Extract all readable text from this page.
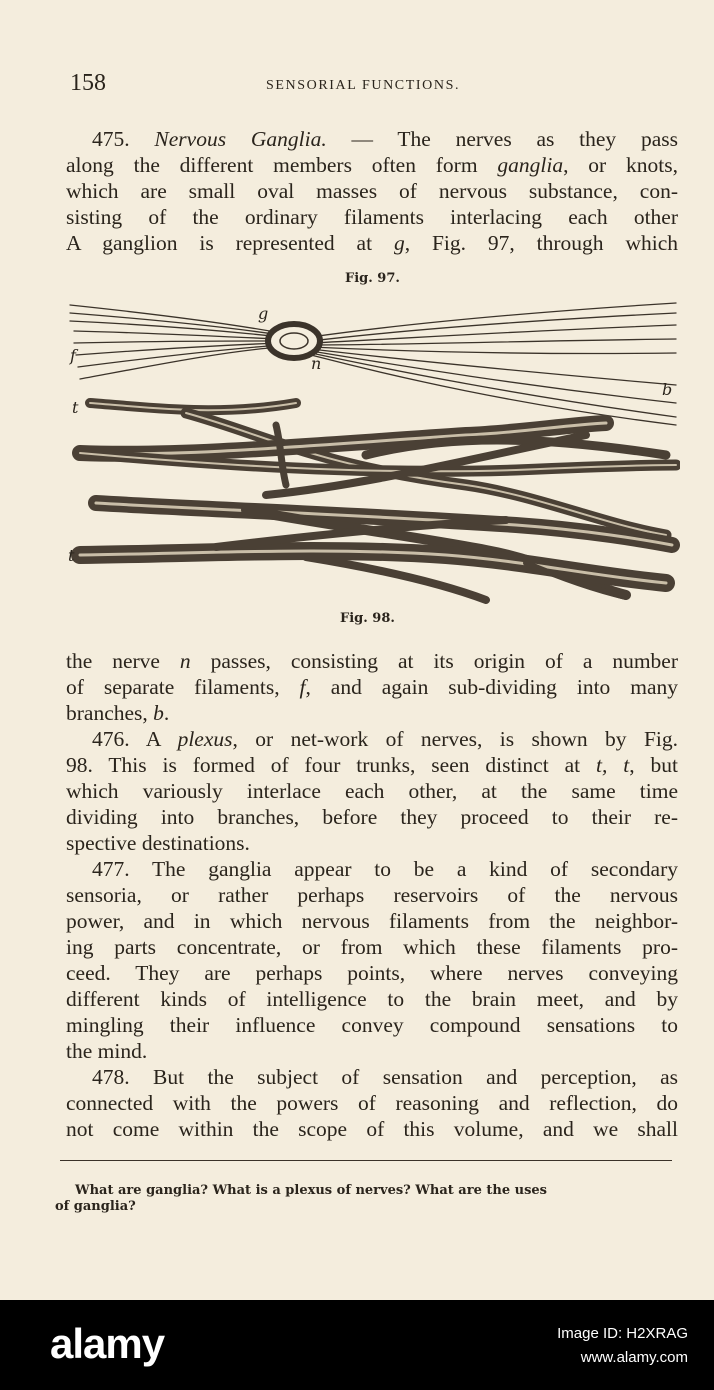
158	SENSORIAL FUNCTIONS.
475. Nervous Ganglia. — The nerves as they pass
along the different members often form ganglia, or knots,
which are small oval masses of nervous substance, con-
sisting of the ordinary filaments interlacing each other
A ganglion is represented at g, Fig. 97, through which
Fig. 97.
g
n
f
b
t
t
Fig. 98.
the nerve n passes, consisting at its origin of a number
of separate filaments, f, and again sub-dividing into many
branches, b.
476. A plexus, or net-work of nerves, is shown by Fig.
98. This is formed of four trunks, seen distinct at t, t, but
which variously interlace each other, at the same time
dividing into branches, before they proceed to their re-
spective destinations.
477. The ganglia appear to be a kind of secondary
sensoria, or rather perhaps reservoirs of the nervous
power, and in which nervous filaments from the neighbor-
ing parts concentrate, or from which these filaments pro-
ceed. They are perhaps points, where nerves conveying
different kinds of intelligence to the brain meet, and by
mingling their influence convey compound sensations to
the mind.
478. But the subject of sensation and perception, as
connected with the powers of reasoning and reflection, do
not come within the scope of this volume, and we shall
What are ganglia? What is a plexus of nerves? What are the uses
of ganglia?
alamy	Image ID: H2XRAG
www.alamy.com
